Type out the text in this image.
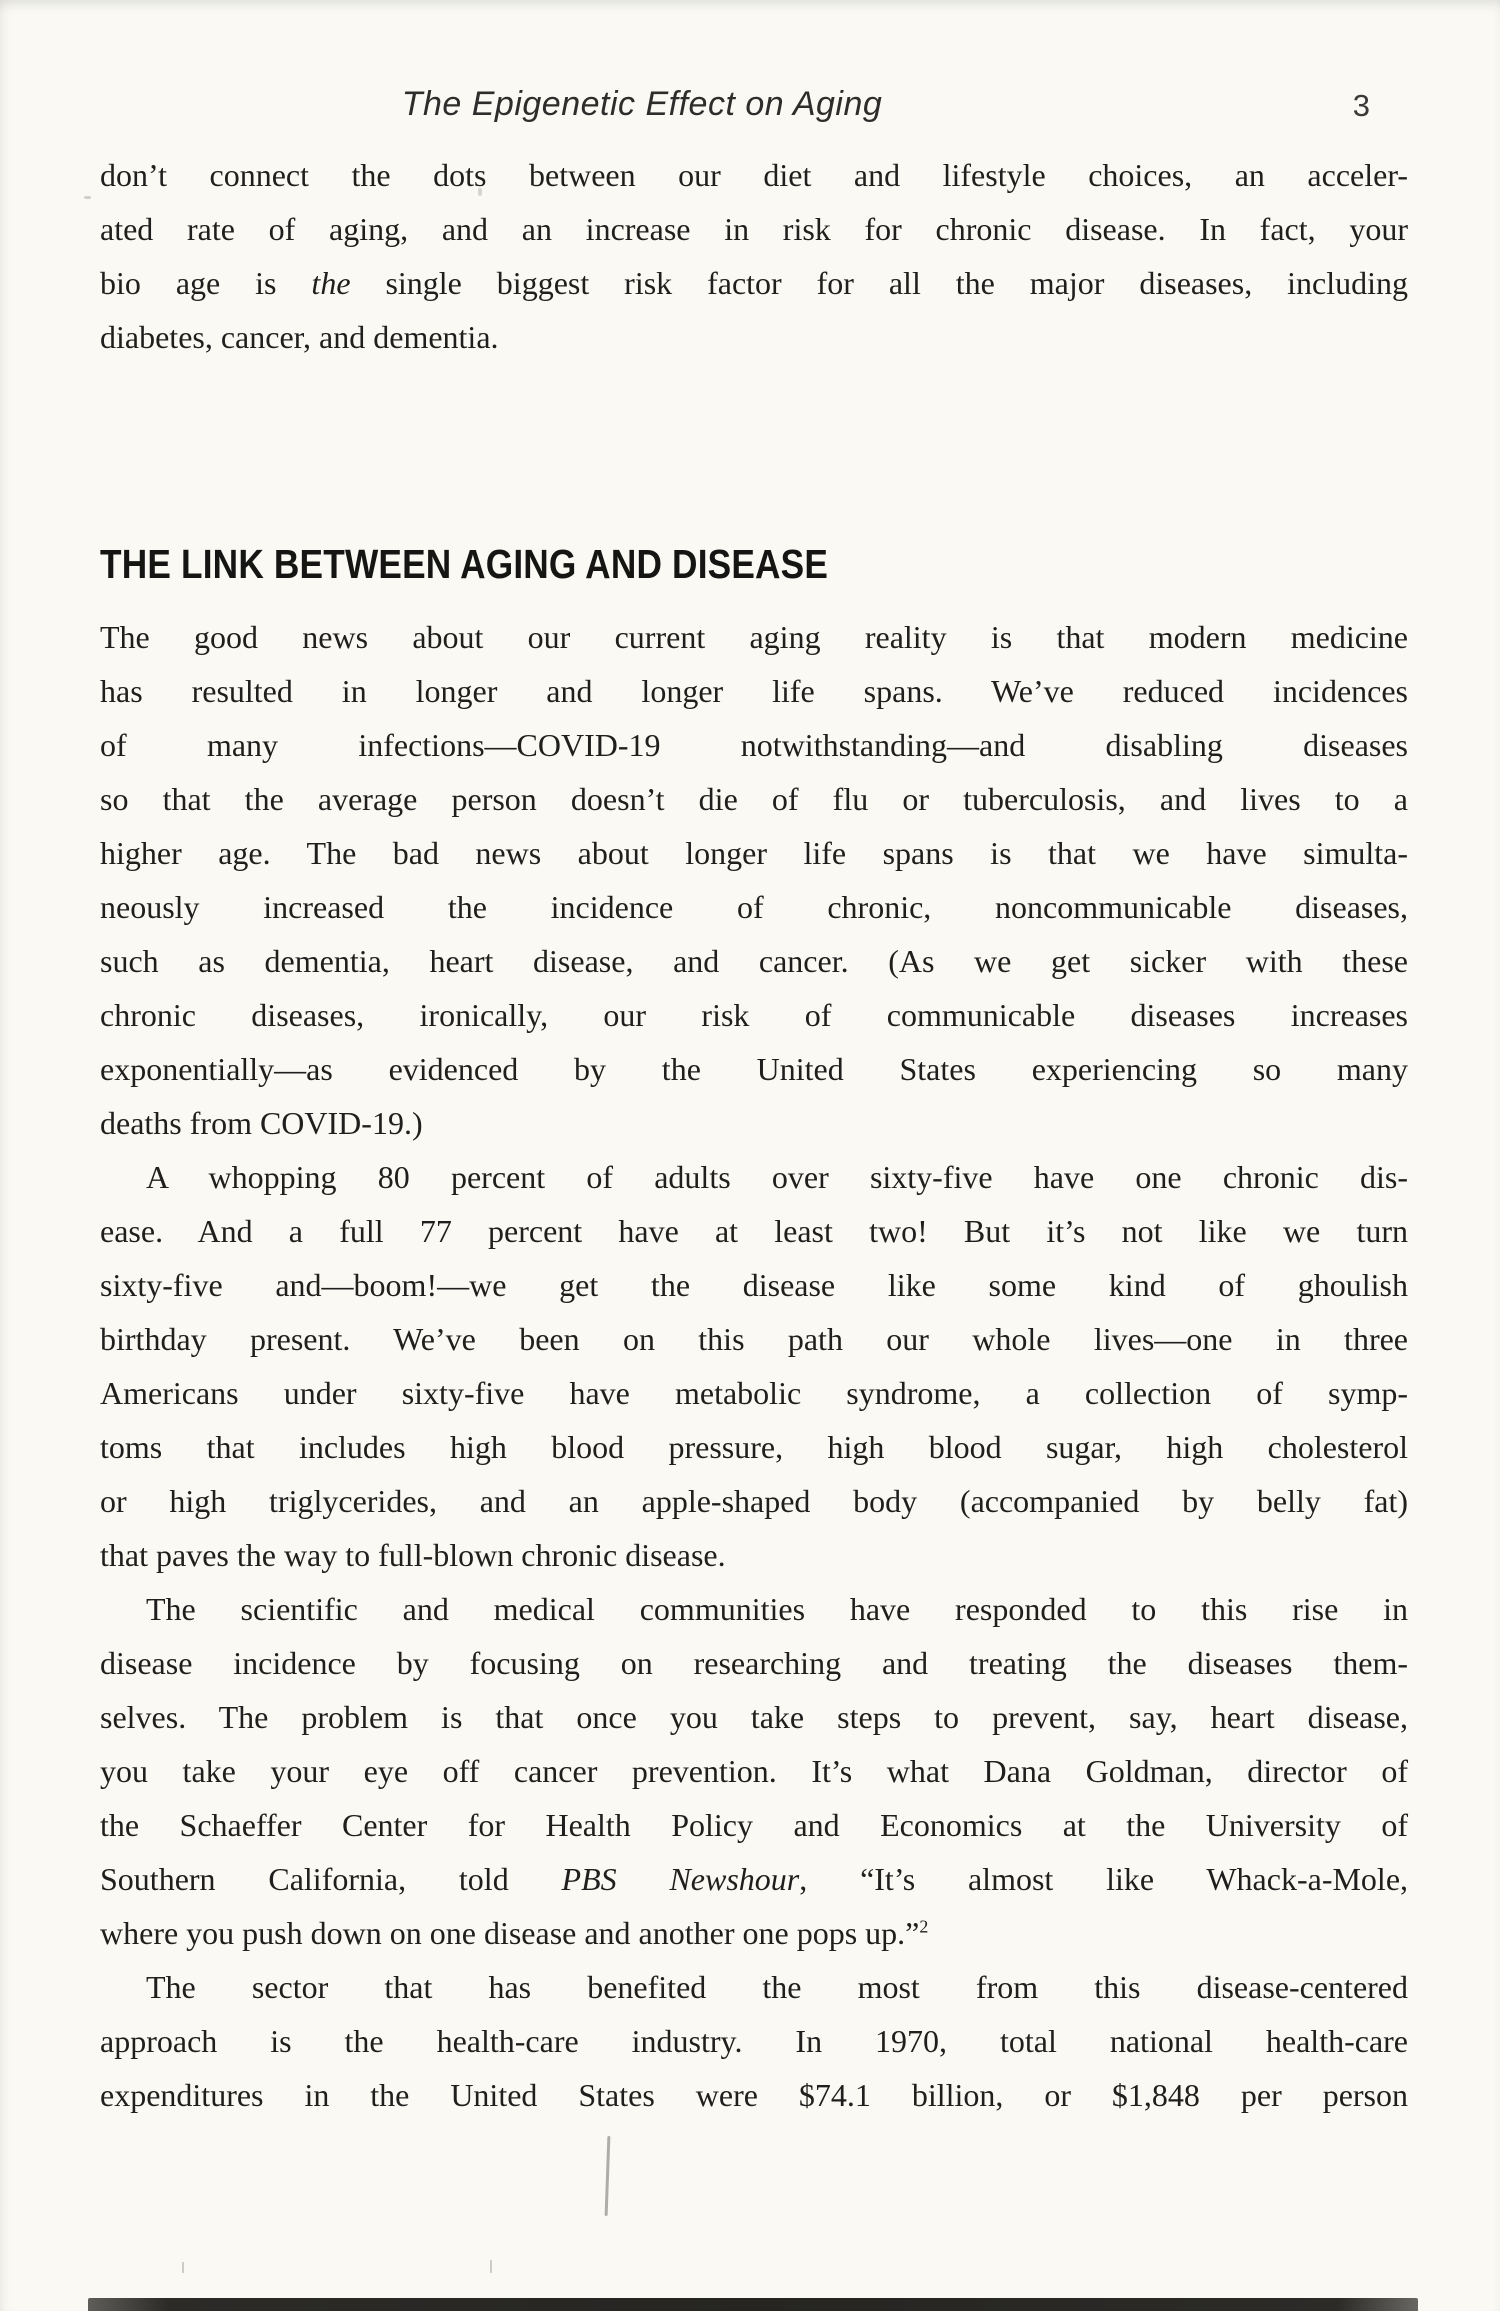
The Epigenetic Effect on Aging	3
don’t connect the dots between our diet and lifestyle choices, an acceler-
ated rate of aging, and an increase in risk for chronic disease. In fact, your
bio age is the single biggest risk factor for all the major diseases, including
diabetes, cancer, and dementia.
THE LINK BETWEEN AGING AND DISEASE
The good news about our current aging reality is that modern medicine
has resulted in longer and longer life spans. We’ve reduced incidences
of many infections—COVID-19 notwithstanding—and disabling diseases
so that the average person doesn’t die of flu or tuberculosis, and lives to a
higher age. The bad news about longer life spans is that we have simulta-
neously increased the incidence of chronic, noncommunicable diseases,
such as dementia, heart disease, and cancer. (As we get sicker with these
chronic diseases, ironically, our risk of communicable diseases increases
exponentially—as evidenced by the United States experiencing so many
deaths from COVID-19.)
A whopping 80 percent of adults over sixty-five have one chronic dis-
ease. And a full 77 percent have at least two! But it’s not like we turn
sixty-five and—boom!—we get the disease like some kind of ghoulish
birthday present. We’ve been on this path our whole lives—one in three
Americans under sixty-five have metabolic syndrome, a collection of symp-
toms that includes high blood pressure, high blood sugar, high cholesterol
or high triglycerides, and an apple-shaped body (accompanied by belly fat)
that paves the way to full-blown chronic disease.
The scientific and medical communities have responded to this rise in
disease incidence by focusing on researching and treating the diseases them-
selves. The problem is that once you take steps to prevent, say, heart disease,
you take your eye off cancer prevention. It’s what Dana Goldman, director of
the Schaeffer Center for Health Policy and Economics at the University of
Southern California, told PBS Newshour, “It’s almost like Whack-a-Mole,
where you push down on one disease and another one pops up.”$^2$
The sector that has benefited the most from this disease-centered
approach is the health-care industry. In 1970, total national health-care
expenditures in the United States were $74.1 billion, or $1,848 per person
